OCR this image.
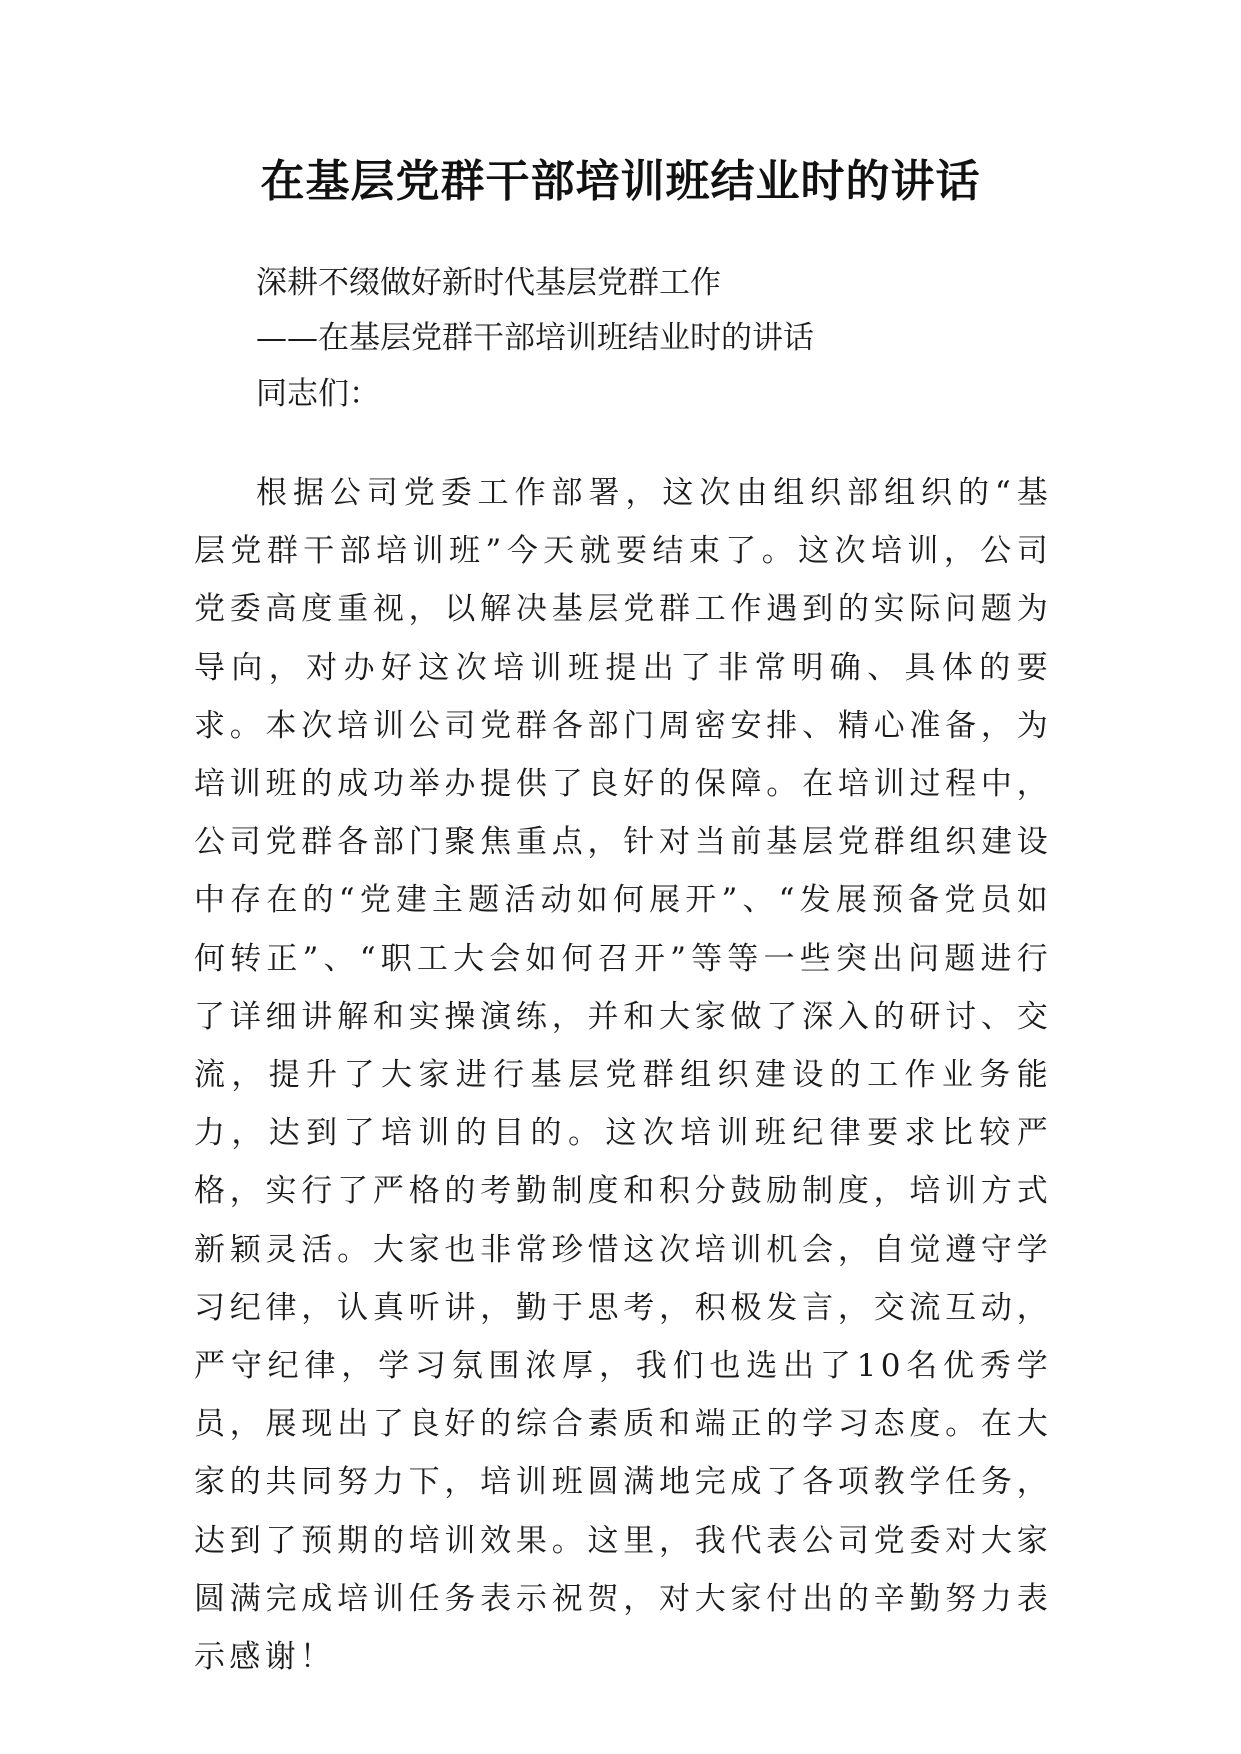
在基层党群干部培训班结业时的讲话
深耕不缀做好新时代基层党群工作
——在基层党群干部培训班结业时的讲话
同志们：

根据公司党委工作部署，这次由组织部组织的“基层党群干部培训班”今天就要结束了。这次培训，公司党委高度重视，以解决基层党群工作遇到的实际问题为导向，对办好这次培训班提出了非常明确、具体的要求。本次培训公司党群各部门周密安排、精心准备，为培训班的成功举办提供了良好的保障。在培训过程中，公司党群各部门聚焦重点，针对当前基层党群组织建设中存在的“党建主题活动如何展开”、“发展预备党员如何转正”、“职工大会如何召开”等等一些突出问题进行了详细讲解和实操演练，并和大家做了深入的研讨、交流，提升了大家进行基层党群组织建设的工作业务能力，达到了培训的目的。这次培训班纪律要求比较严格，实行了严格的考勤制度和积分鼓励制度，培训方式新颖灵活。大家也非常珍惜这次培训机会，自觉遵守学习纪律，认真听讲，勤于思考，积极发言，交流互动，严守纪律，学习氛围浓厚，我们也选出了10名优秀学员，展现出了良好的综合素质和端正的学习态度。在大家的共同努力下，培训班圆满地完成了各项教学任务，达到了预期的培训效果。这里，我代表公司党委对大家圆满完成培训任务表示祝贺，对大家付出的辛勤努力表示感谢！
